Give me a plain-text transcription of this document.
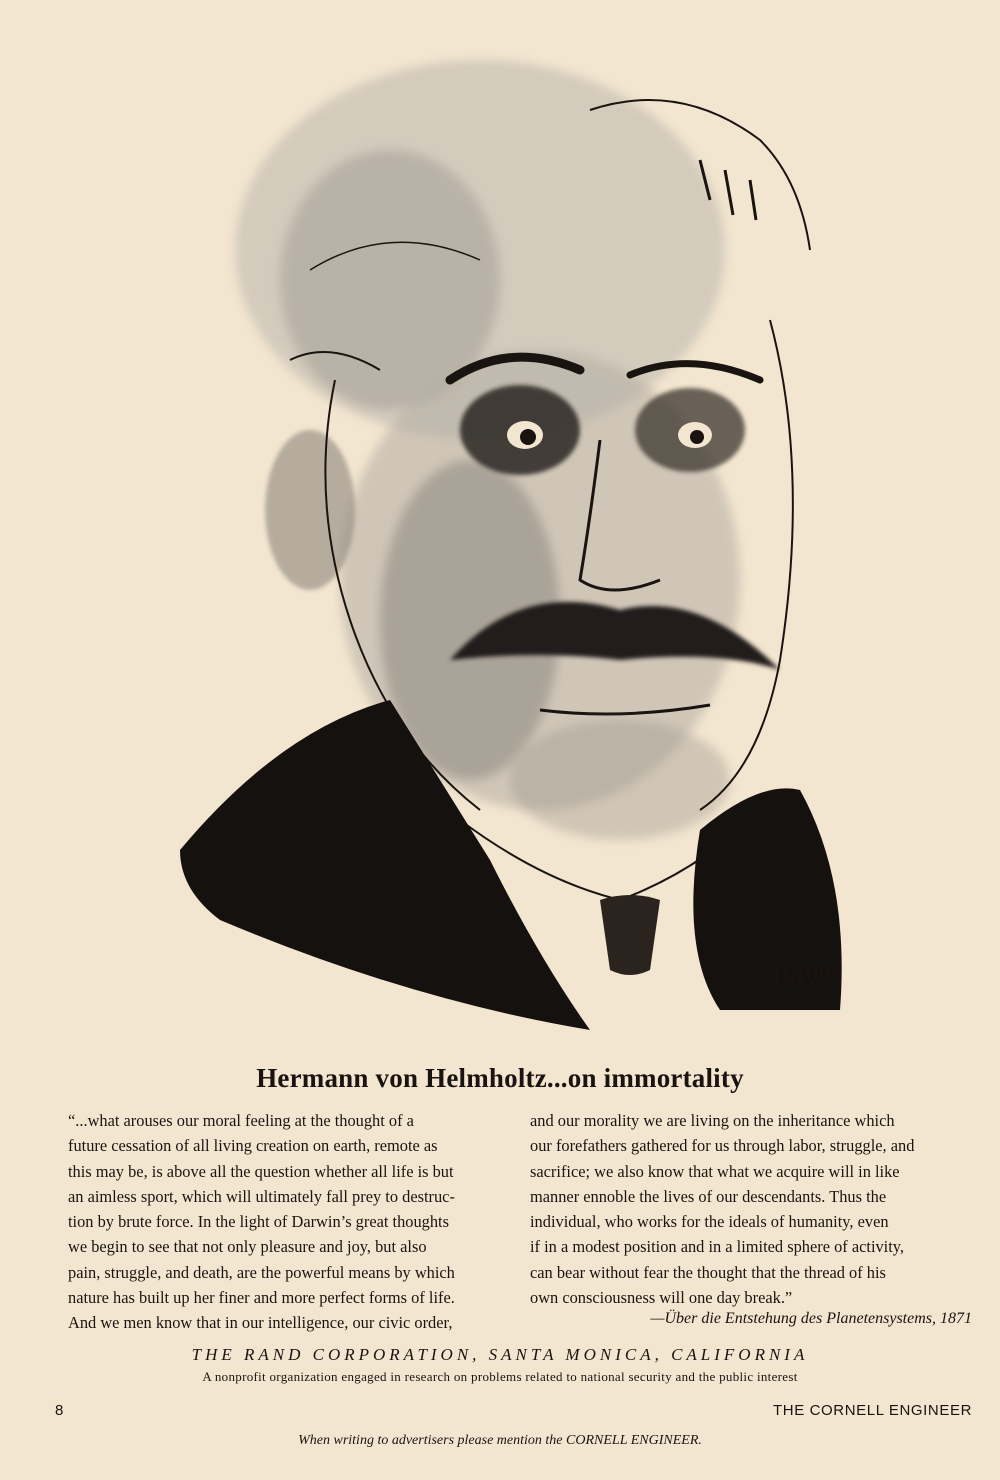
Boyle
Hermann von Helmholtz...on immortality
“...what arouses our moral feeling at the thought of a
future cessation of all living creation on earth, remote as
this may be, is above all the question whether all life is but
an aimless sport, which will ultimately fall prey to destruc-
tion by brute force. In the light of Darwin’s great thoughts
we begin to see that not only pleasure and joy, but also
pain, struggle, and death, are the powerful means by which
nature has built up her finer and more perfect forms of life.
And we men know that in our intelligence, our civic order,
and our morality we are living on the inheritance which
our forefathers gathered for us through labor, struggle, and
sacrifice; we also know that what we acquire will in like
manner ennoble the lives of our descendants. Thus the
individual, who works for the ideals of humanity, even
if in a modest position and in a limited sphere of activity,
can bear without fear the thought that the thread of his
own consciousness will one day break.”
—Über die Entstehung des Planetensystems, 1871
THE RAND CORPORATION, SANTA MONICA, CALIFORNIA
A nonprofit organization engaged in research on problems related to national security and the public interest
8	THE CORNELL ENGINEER
When writing to advertisers please mention the CORNELL ENGINEER.
